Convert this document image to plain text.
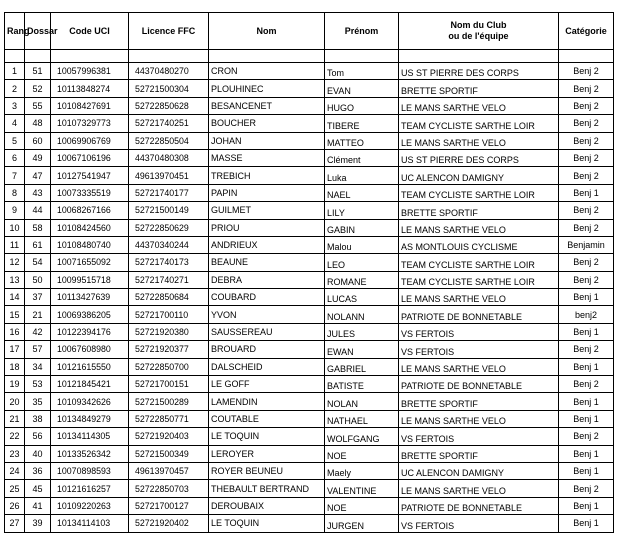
Rang	Dossar	Code UCI	Licence FFC	Nom	Prénom	Nom du Club
ou de l'équipe	Catégorie

1	51	10057996381	44370480270	CRON	Tom	US ST PIERRE DES CORPS	Benj 2
2	52	10113848274	52721500304	PLOUHINEC	EVAN	BRETTE SPORTIF	Benj 2
3	55	10108427691	52722850628	BESANCENET	HUGO	LE MANS SARTHE VELO	Benj 2
4	48	10107329773	52721740251	BOUCHER	TIBERE	TEAM CYCLISTE SARTHE LOIR	Benj 2
5	60	10069906769	52722850504	JOHAN	MATTEO	LE MANS SARTHE VELO	Benj 2
6	49	10067106196	44370480308	MASSE	Clément	US ST PIERRE DES CORPS	Benj 2
7	47	10127541947	49613970451	TREBICH	Luka	UC ALENCON DAMIGNY	Benj 2
8	43	10073335519	52721740177	PAPIN	NAEL	TEAM CYCLISTE SARTHE LOIR	Benj 1
9	44	10068267166	52721500149	GUILMET	LILY	BRETTE SPORTIF	Benj 2
10	58	10108424560	52722850629	PRIOU	GABIN	LE MANS SARTHE VELO	Benj 2
11	61	10108480740	44370340244	ANDRIEUX	Malou	AS MONTLOUIS CYCLISME	Benjamin
12	54	10071655092	52721740173	BEAUNE	LEO	TEAM CYCLISTE SARTHE LOIR	Benj 2
13	50	10099515718	52721740271	DEBRA	ROMANE	TEAM CYCLISTE SARTHE LOIR	Benj 2
14	37	10113427639	52722850684	COUBARD	LUCAS	LE MANS SARTHE VELO	Benj 1
15	21	10069386205	52721700110	YVON	NOLANN	PATRIOTE DE BONNETABLE	benj2
16	42	10122394176	52721920380	SAUSSEREAU	JULES	VS FERTOIS	Benj 1
17	57	10067608980	52721920377	BROUARD	EWAN	VS FERTOIS	Benj 2
18	34	10121615550	52722850700	DALSCHEID	GABRIEL	LE MANS SARTHE VELO	Benj 1
19	53	10121845421	52721700151	LE GOFF	BATISTE	PATRIOTE DE BONNETABLE	Benj 2
20	35	10109342626	52721500289	LAMENDIN	NOLAN	BRETTE SPORTIF	Benj 1
21	38	10134849279	52722850771	COUTABLE	NATHAEL	LE MANS SARTHE VELO	Benj 1
22	56	10134114305	52721920403	LE TOQUIN	WOLFGANG	VS FERTOIS	Benj 2
23	40	10133526342	52721500349	LEROYER	NOE	BRETTE SPORTIF	Benj 1
24	36	10070898593	49613970457	ROYER BEUNEU	Maely	UC ALENCON DAMIGNY	Benj 1
25	45	10121616257	52722850703	THEBAULT BERTRAND	VALENTINE	LE MANS SARTHE VELO	Benj 2
26	41	10109220263	52721700127	DEROUBAIX	NOE	PATRIOTE DE BONNETABLE	Benj 1
27	39	10134114103	52721920402	LE TOQUIN	JURGEN	VS FERTOIS	Benj 1
